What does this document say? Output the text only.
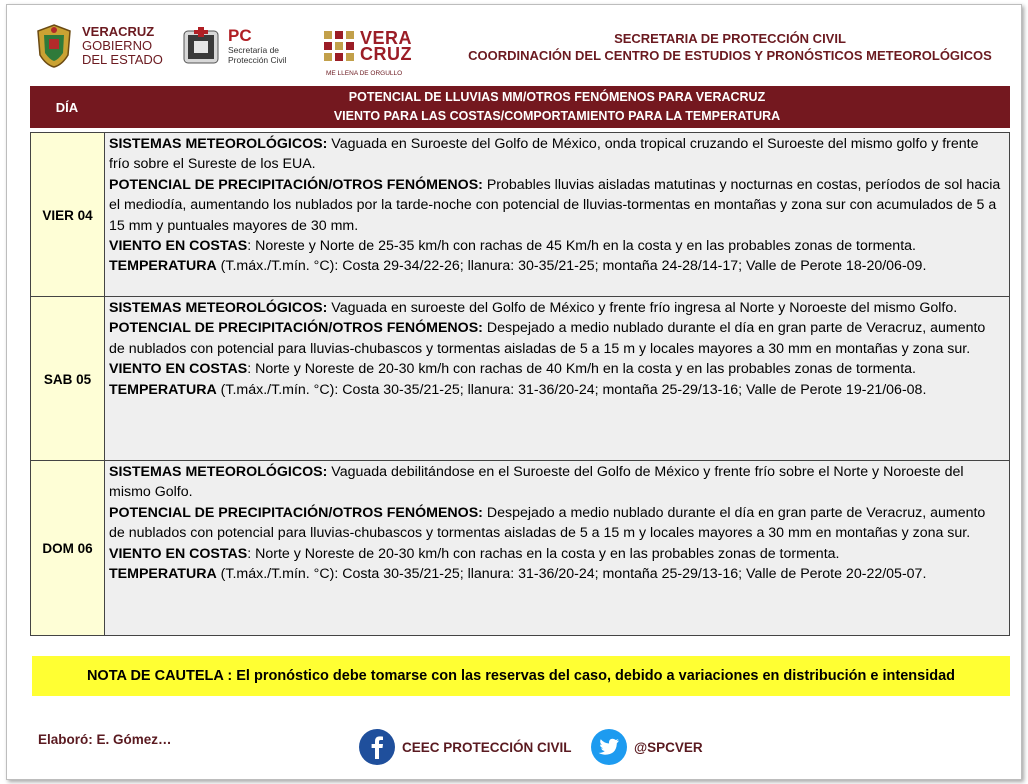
VERACRUZ
GOBIERNO
DEL ESTADO
PC
Secretaría de
Protección Civil
VERA
CRUZ
ME LLENA DE ORGULLO
SECRETARIA DE PROTECCIÓN CIVIL
COORDINACIÓN DEL CENTRO DE ESTUDIOS Y PRONÓSTICOS METEOROLÓGICOS
DÍA
POTENCIAL DE LLUVIAS MM/OTROS FENÓMENOS PARA VERACRUZ
VIENTO PARA LAS COSTAS/COMPORTAMIENTO PARA LA TEMPERATURA
VIER 04
SISTEMAS METEOROLÓGICOS: Vaguada en Suroeste del Golfo de México, onda tropical cruzando el Suroeste del mismo golfo y frente frío sobre el Sureste de los EUA.
POTENCIAL DE PRECIPITACIÓN/OTROS FENÓMENOS: Probables lluvias aisladas matutinas y nocturnas en costas, períodos de sol hacia el mediodía, aumentando los nublados por la tarde-noche con potencial de lluvias-tormentas en montañas y zona sur con acumulados de 5 a 15 mm y puntuales mayores de 30 mm.
VIENTO EN COSTAS: Noreste y Norte de 25-35 km/h con rachas de 45 Km/h en la costa y en las probables zonas de tormenta.
TEMPERATURA (T.máx./T.mín. °C): Costa 29-34/22-26; llanura: 30-35/21-25; montaña 24-28/14-17; Valle de Perote 18-20/06-09.
SAB 05
SISTEMAS METEOROLÓGICOS: Vaguada en suroeste del Golfo de México y frente frío ingresa al Norte y Noroeste del mismo Golfo.
POTENCIAL DE PRECIPITACIÓN/OTROS FENÓMENOS: Despejado a medio nublado durante el día en gran parte de Veracruz, aumento de nublados con potencial para lluvias-chubascos y tormentas aisladas de 5 a 15 m y locales mayores a 30 mm en montañas y zona sur.
VIENTO EN COSTAS: Norte y Noreste de 20-30 km/h con rachas de 40 Km/h en la costa y en las probables zonas de tormenta.
TEMPERATURA (T.máx./T.mín. °C): Costa 30-35/21-25; llanura: 31-36/20-24; montaña 25-29/13-16; Valle de Perote 19-21/06-08.
DOM 06
SISTEMAS METEOROLÓGICOS: Vaguada debilitándose en el Suroeste del Golfo de México y frente frío sobre el Norte y Noroeste del mismo Golfo.
POTENCIAL DE PRECIPITACIÓN/OTROS FENÓMENOS: Despejado a medio nublado durante el día en gran parte de Veracruz, aumento de nublados con potencial para lluvias-chubascos y tormentas aisladas de 5 a 15 m y locales mayores a 30 mm en montañas y zona sur.
VIENTO EN COSTAS: Norte y Noreste de 20-30 km/h con rachas en la costa y en las probables zonas de tormenta.
TEMPERATURA (T.máx./T.mín. °C): Costa 30-35/21-25; llanura: 31-36/20-24; montaña 25-29/13-16; Valle de Perote 20-22/05-07.
NOTA DE CAUTELA : El pronóstico debe tomarse con las reservas del caso, debido a variaciones en distribución e intensidad
Elaboró: E. Gómez…	CEEC PROTECCIÓN CIVIL	@SPCVER
